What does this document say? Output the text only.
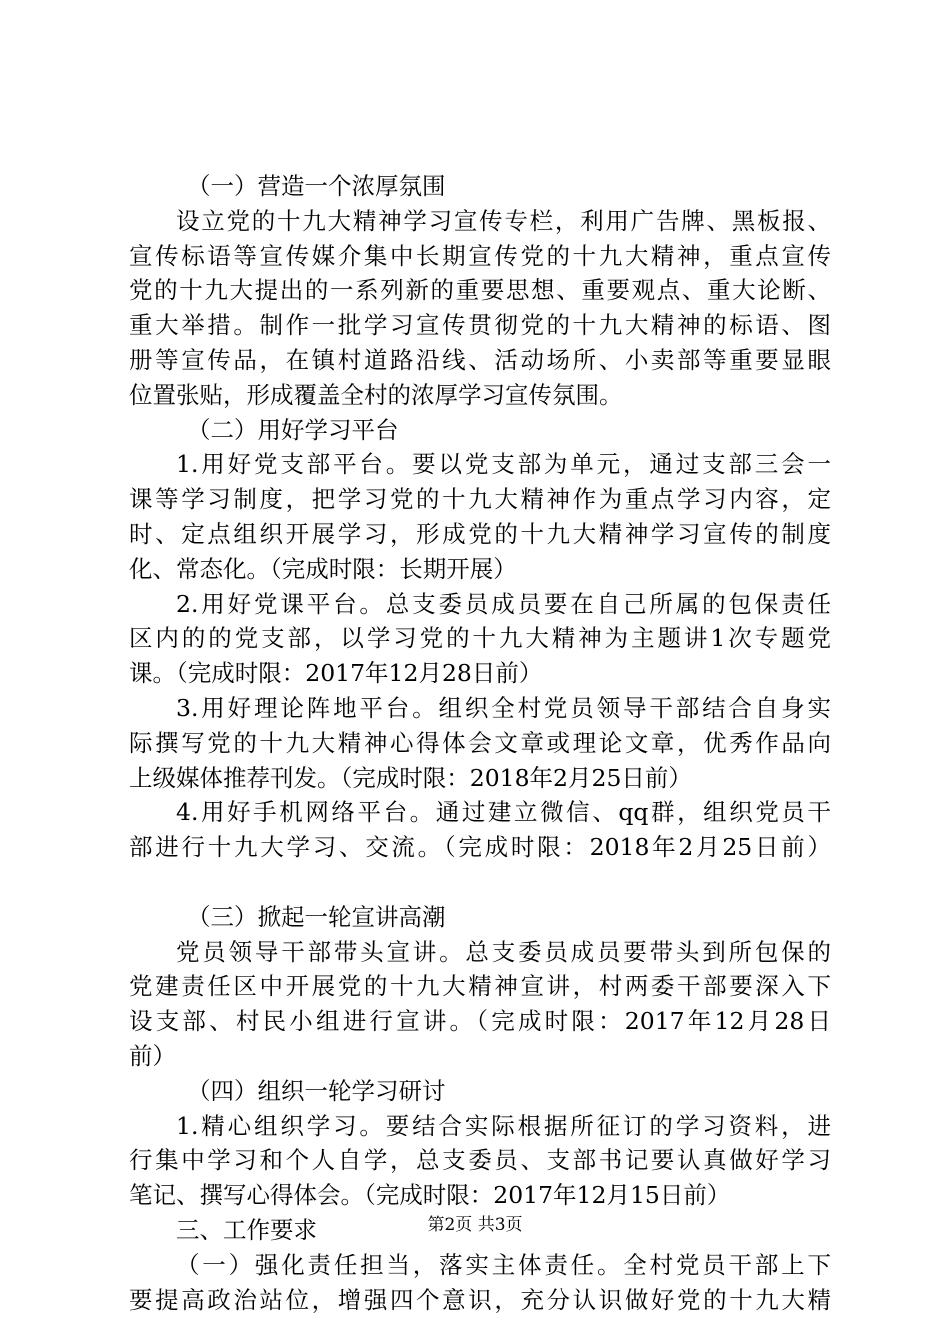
（一）营造一个浓厚氛围
设立党的十九大精神学习宣传专栏，利用广告牌、黑板报、
宣传标语等宣传媒介集中长期宣传党的十九大精神，重点宣传
党的十九大提出的一系列新的重要思想、重要观点、重大论断、
重大举措。制作一批学习宣传贯彻党的十九大精神的标语、图
册等宣传品，在镇村道路沿线、活动场所、小卖部等重要显眼
位置张贴，形成覆盖全村的浓厚学习宣传氛围。
（二）用好学习平台
1.用好党支部平台。要以党支部为单元，通过支部三会一
课等学习制度，把学习党的十九大精神作为重点学习内容，定
时、定点组织开展学习，形成党的十九大精神学习宣传的制度
化、常态化。（完成时限：长期开展）
2.用好党课平台。总支委员成员要在自己所属的包保责任
区内的的党支部，以学习党的十九大精神为主题讲1次专题党
课。（完成时限：2017年12月28日前）
3.用好理论阵地平台。组织全村党员领导干部结合自身实
际撰写党的十九大精神心得体会文章或理论文章，优秀作品向
上级媒体推荐刊发。（完成时限：2018年2月25日前）
4.用好手机网络平台。通过建立微信、qq群，组织党员干
部进行十九大学习、交流。（完成时限：2018年2月25日前）
（三）掀起一轮宣讲高潮
党员领导干部带头宣讲。总支委员成员要带头到所包保的
党建责任区中开展党的十九大精神宣讲，村两委干部要深入下
设支部、村民小组进行宣讲。（完成时限：2017年12月28日
前）
（四）组织一轮学习研讨
1.精心组织学习。要结合实际根据所征订的学习资料，进
行集中学习和个人自学，总支委员、支部书记要认真做好学习
笔记、撰写心得体会。（完成时限：2017年12月15日前）
三、工作要求
（一）强化责任担当，落实主体责任。全村党员干部上下
要提高政治站位，增强四个意识，充分认识做好党的十九大精
第2页 共3页
